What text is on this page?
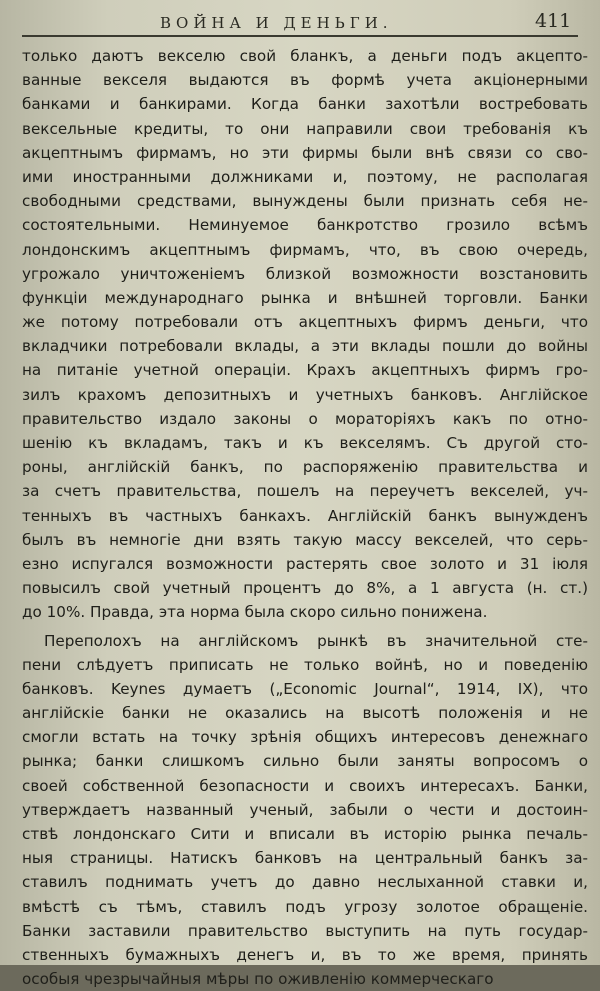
ВОЙНА И ДЕНЬГИ.	411
только даютъ векселю свой бланкъ, а деньги подъ акцепто-
ванные векселя выдаются въ формѣ учета акціонерными
банками и банкирами. Когда банки захотѣли востребовать
вексельные кредиты, то они направили свои требованія къ
акцептнымъ фирмамъ, но эти фирмы были внѣ связи со сво-
ими иностранными должниками и, поэтому, не располагая
свободными средствами, вынуждены были признать себя не-
состоятельными. Неминуемое банкротство грозило всѣмъ
лондонскимъ акцептнымъ фирмамъ, что, въ свою очередь,
угрожало уничтоженіемъ близкой возможности возстановить
функціи международнаго рынка и внѣшней торговли. Банки
же потому потребовали отъ акцептныхъ фирмъ деньги, что
вкладчики потребовали вклады, а эти вклады пошли до войны
на питаніе учетной операціи. Крахъ акцептныхъ фирмъ гро-
зилъ крахомъ депозитныхъ и учетныхъ банковъ. Англійское
правительство издало законы о мораторіяхъ какъ по отно-
шенію къ вкладамъ, такъ и къ векселямъ. Съ другой сто-
роны, англійскій банкъ, по распоряженію правительства и
за счетъ правительства, пошелъ на переучетъ векселей, уч-
тенныхъ въ частныхъ банкахъ. Англійскій банкъ вынужденъ
былъ въ немногіе дни взять такую массу векселей, что серь-
езно испугался возможности растерять свое золото и 31 іюля
повысилъ свой учетный процентъ до 8%, а 1 августа (н. ст.)
до 10%. Правда, эта норма была скоро сильно понижена.
Переполохъ на англійскомъ рынкѣ въ значительной сте-
пени слѣдуетъ приписать не только войнѣ, но и поведенію
банковъ. Keynes думаетъ („Economic Journal“, 1914, IX), что
англійскіе банки не оказались на высотѣ положенія и не
смогли встать на точку зрѣнія общихъ интересовъ денежнаго
рынка; банки слишкомъ сильно были заняты вопросомъ о
своей собственной безопасности и своихъ интересахъ. Банки,
утверждаетъ названный ученый, забыли о чести и достоин-
ствѣ лондонскаго Сити и вписали въ исторію рынка печаль-
ныя страницы. Натискъ банковъ на центральный банкъ за-
ставилъ поднимать учетъ до давно неслыханной ставки и,
вмѣстѣ съ тѣмъ, ставилъ подъ угрозу золотое обращеніе.
Банки заставили правительство выступить на путь государ-
ственныхъ бумажныхъ денегъ и, въ то же время, принять
особыя чрезрычайныя мѣры по оживленію коммерческаго
